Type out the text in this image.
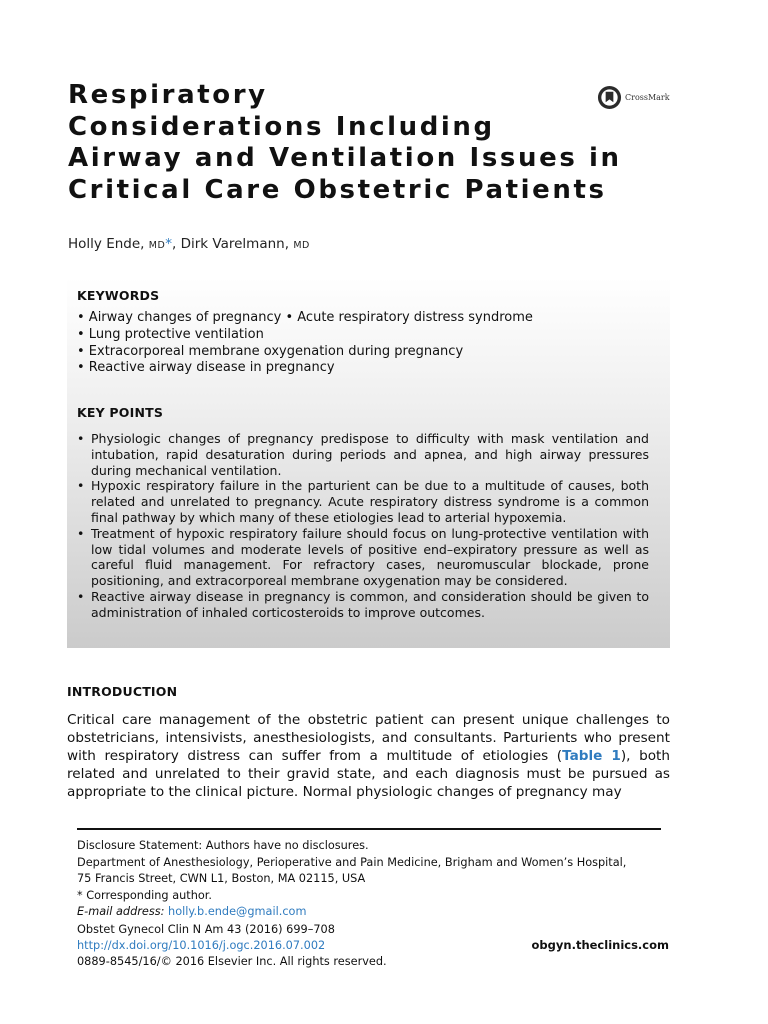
Respiratory
Considerations Including
Airway and Ventilation Issues in
Critical Care Obstetric Patients
CrossMark
Holly Ende, MD*, Dirk Varelmann, MD
KEYWORDS
• Airway changes of pregnancy • Acute respiratory distress syndrome
• Lung protective ventilation
• Extracorporeal membrane oxygenation during pregnancy
• Reactive airway disease in pregnancy
KEY POINTS
• Physiologic changes of pregnancy predispose to difficulty with mask ventilation and intubation, rapid desaturation during periods and apnea, and high airway pressures during mechanical ventilation.
• Hypoxic respiratory failure in the parturient can be due to a multitude of causes, both related and unrelated to pregnancy. Acute respiratory distress syndrome is a common final pathway by which many of these etiologies lead to arterial hypoxemia.
• Treatment of hypoxic respiratory failure should focus on lung-protective ventilation with low tidal volumes and moderate levels of positive end–expiratory pressure as well as careful fluid management. For refractory cases, neuromuscular blockade, prone positioning, and extracorporeal membrane oxygenation may be considered.
• Reactive airway disease in pregnancy is common, and consideration should be given to administration of inhaled corticosteroids to improve outcomes.
INTRODUCTION

Critical care management of the obstetric patient can present unique challenges to obstetricians, intensivists, anesthesiologists, and consultants. Parturients who present with respiratory distress can suffer from a multitude of etiologies (Table 1), both related and unrelated to their gravid state, and each diagnosis must be pursued as appropriate to the clinical picture. Normal physiologic changes of pregnancy may

Disclosure Statement: Authors have no disclosures.
Department of Anesthesiology, Perioperative and Pain Medicine, Brigham and Women’s Hospital,
75 Francis Street, CWN L1, Boston, MA 02115, USA
* Corresponding author.
E-mail address: holly.b.ende@gmail.com
Obstet Gynecol Clin N Am 43 (2016) 699–708
http://dx.doi.org/10.1016/j.ogc.2016.07.002
0889-8545/16/© 2016 Elsevier Inc. All rights reserved.
obgyn.theclinics.com
